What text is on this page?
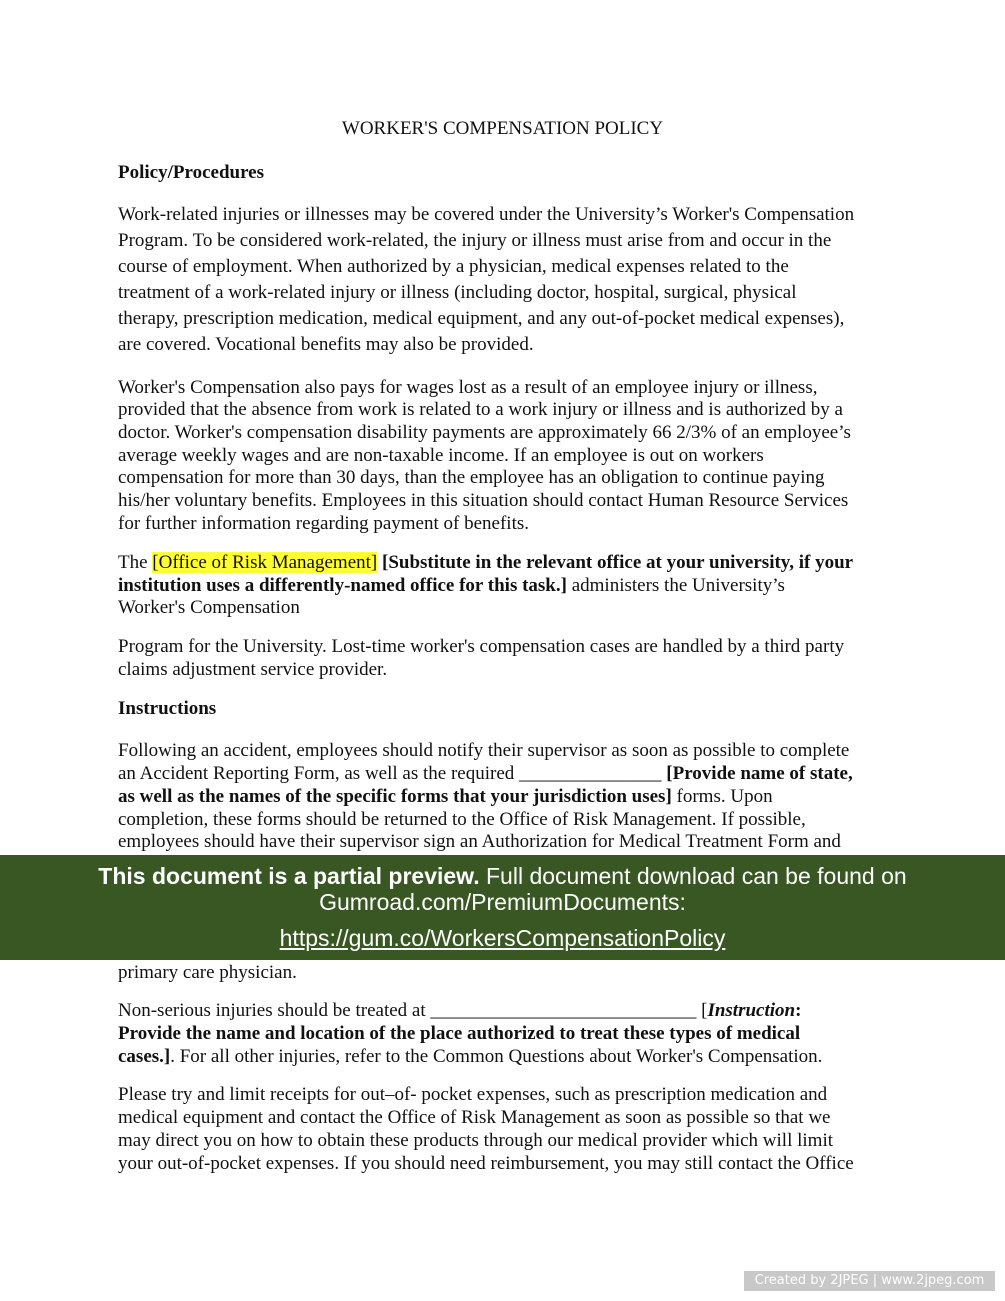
WORKER'S COMPENSATION POLICY
Policy/Procedures
Work-related injuries or illnesses may be covered under the University’s Worker's Compensation
Program. To be considered work-related, the injury or illness must arise from and occur in the
course of employment. When authorized by a physician, medical expenses related to the
treatment of a work-related injury or illness (including doctor, hospital, surgical, physical
therapy, prescription medication, medical equipment, and any out-of-pocket medical expenses),
are covered. Vocational benefits may also be provided.
Worker's Compensation also pays for wages lost as a result of an employee injury or illness,
provided that the absence from work is related to a work injury or illness and is authorized by a
doctor. Worker's compensation disability payments are approximately 66 2/3% of an employee’s
average weekly wages and are non-taxable income. If an employee is out on workers
compensation for more than 30 days, than the employee has an obligation to continue paying
his/her voluntary benefits. Employees in this situation should contact Human Resource Services
for further information regarding payment of benefits.
The [Office of Risk Management] [Substitute in the relevant office at your university, if your
institution uses a differently-named office for this task.] administers the University’s
Worker's Compensation
Program for the University. Lost-time worker's compensation cases are handled by a third party
claims adjustment service provider.
Instructions
Following an accident, employees should notify their supervisor as soon as possible to complete
an Accident Reporting Form, as well as the required _______________ [Provide name of state,
as well as the names of the specific forms that your jurisdiction uses] forms. Upon
completion, these forms should be returned to the Office of Risk Management. If possible,
employees should have their supervisor sign an Authorization for Medical Treatment Form and
primary care physician.
Non-serious injuries should be treated at ____________________________ [Instruction:
Provide the name and location of the place authorized to treat these types of medical
cases.]. For all other injuries, refer to the Common Questions about Worker's Compensation.
Please try and limit receipts for out–of- pocket expenses, such as prescription medication and
medical equipment and contact the Office of Risk Management as soon as possible so that we
may direct you on how to obtain these products through our medical provider which will limit
your out-of-pocket expenses. If you should need reimbursement, you may still contact the Office
This document is a partial preview. Full document download can be found on
Gumroad.com/PremiumDocuments:
https://gum.co/WorkersCompensationPolicy
Created by 2JPEG | www.2jpeg.com
